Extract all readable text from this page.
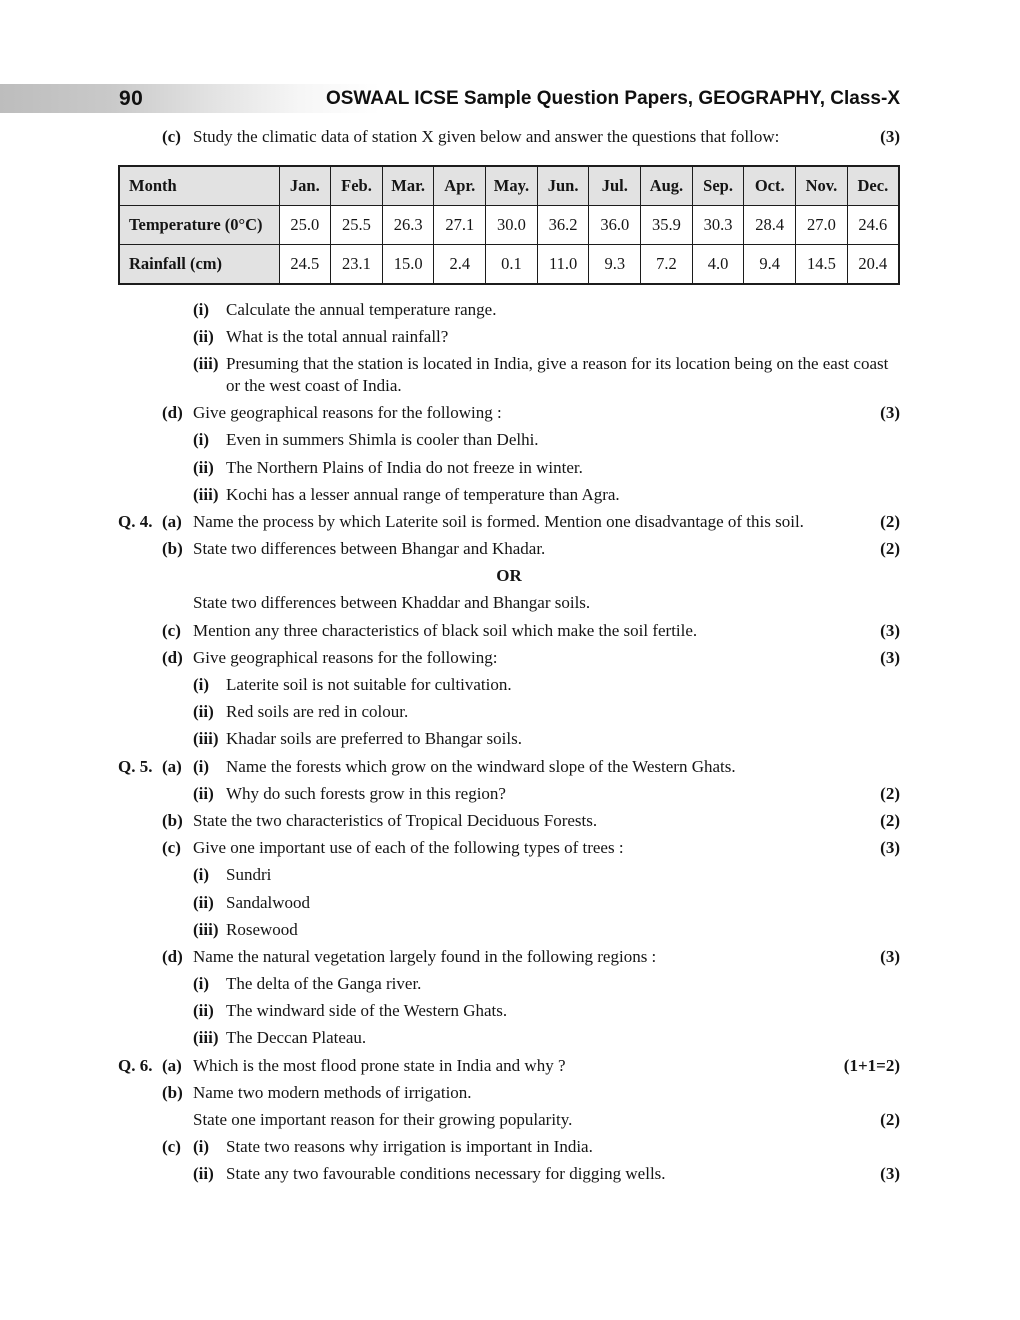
90	OSWAAL ICSE Sample Question Papers, GEOGRAPHY, Class-X
(c) Study the climatic data of station X given below and answer the questions that follow:	(3)
Month	Jan.	Feb.	Mar.	Apr.	May.	Jun.	Jul.	Aug.	Sep.	Oct.	Nov.	Dec.
Temperature (0°C)	25.0	25.5	26.3	27.1	30.0	36.2	36.0	35.9	30.3	28.4	27.0	24.6
Rainfall (cm)	24.5	23.1	15.0	2.4	0.1	11.0	9.3	7.2	4.0	9.4	14.5	20.4
(i) Calculate the annual temperature range.
(ii) What is the total annual rainfall?
(iii) Presuming that the station is located in India, give a reason for its location being on the east coast or the west coast of India.
(d) Give geographical reasons for the following :	(3)
(i) Even in summers Shimla is cooler than Delhi.
(ii) The Northern Plains of India do not freeze in winter.
(iii) Kochi has a lesser annual range of temperature than Agra.
Q. 4. (a) Name the process by which Laterite soil is formed. Mention one disadvantage of this soil.	(2)
(b) State two differences between Bhangar and Khadar.	(2)
OR
State two differences between Khaddar and Bhangar soils.
(c) Mention any three characteristics of black soil which make the soil fertile.	(3)
(d) Give geographical reasons for the following:	(3)
(i) Laterite soil is not suitable for cultivation.
(ii) Red soils are red in colour.
(iii) Khadar soils are preferred to Bhangar soils.
Q. 5. (a) (i) Name the forests which grow on the windward slope of the Western Ghats.
(ii) Why do such forests grow in this region?	(2)
(b) State the two characteristics of Tropical Deciduous Forests.	(2)
(c) Give one important use of each of the following types of trees :	(3)
(i) Sundri
(ii) Sandalwood
(iii) Rosewood
(d) Name the natural vegetation largely found in the following regions :	(3)
(i) The delta of the Ganga river.
(ii) The windward side of the Western Ghats.
(iii) The Deccan Plateau.
Q. 6. (a) Which is the most flood prone state in India and why ?	(1+1=2)
(b) Name two modern methods of irrigation.
State one important reason for their growing popularity.	(2)
(c) (i) State two reasons why irrigation is important in India.
(ii) State any two favourable conditions necessary for digging wells.	(3)
